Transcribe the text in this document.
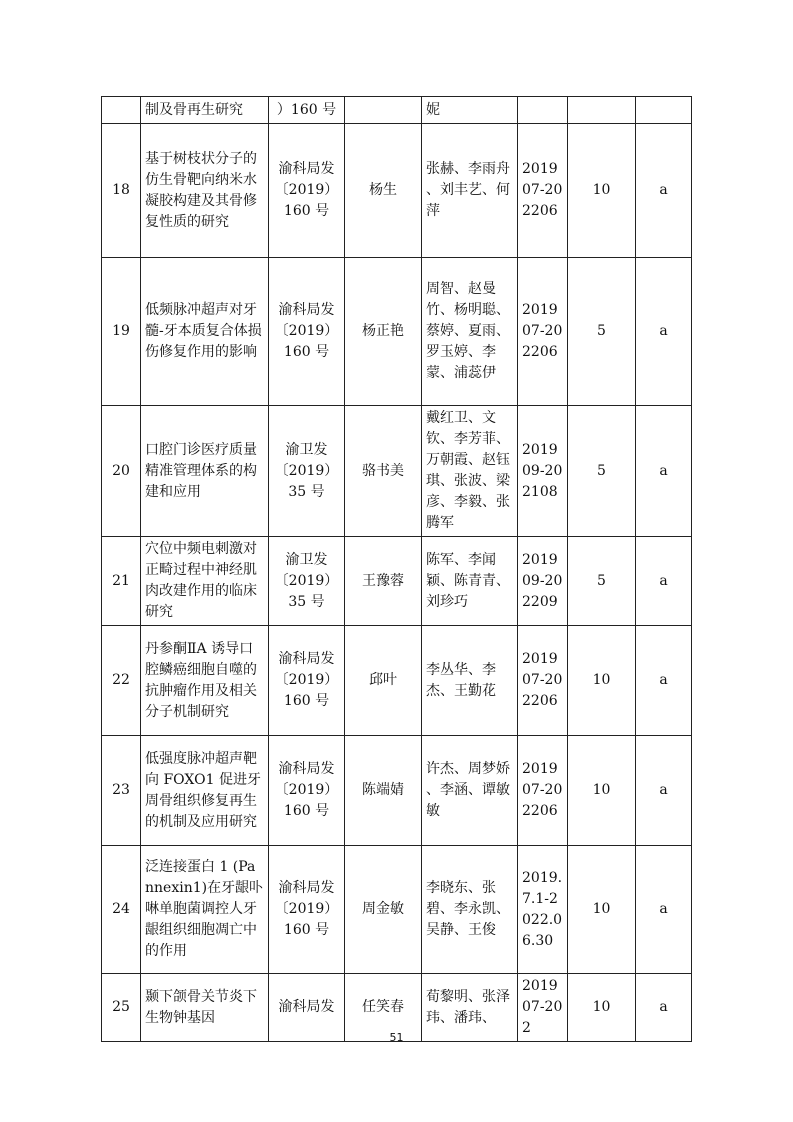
	制及骨再生研究	）160 号		妮			
18	基于树枝状分子的仿生骨靶向纳米水凝胶构建及其骨修复性质的研究	渝科局发〔2019）160 号	杨生	张赫、李雨舟 、刘丰艺、何萍	201907-202206	10	a
19	低频脉冲超声对牙髓-牙本质复合体损伤修复作用的影响	渝科局发〔2019）160 号	杨正艳	周智、赵曼竹、杨明聪、蔡婷、夏雨、罗玉婷、李蒙、浦蕊伊	201907-202206	5	a
20	口腔门诊医疗质量精准管理体系的构建和应用	渝卫发〔2019）35 号	骆书美	戴红卫、文钦、李芳菲、万朝霞、赵钰琪、张波、梁彦、李毅、张腾军	201909-202108	5	a
21	穴位中频电刺激对正畸过程中神经肌肉改建作用的临床研究	渝卫发〔2019）35 号	王豫蓉	陈军、李闻颖、陈青青、刘珍巧	201909-202209	5	a
22	丹参酮ⅡA 诱导口腔鳞癌细胞自噬的抗肿瘤作用及相关分子机制研究	渝科局发〔2019）160 号	邱叶	李丛华、李杰、王勤花	201907-202206	10	a
23	低强度脉冲超声靶向 FOXO1 促进牙周骨组织修复再生的机制及应用研究	渝科局发〔2019）160 号	陈端婧	许杰、周梦娇 、李涵、谭敏敏	201907-202206	10	a
24	泛连接蛋白 1 (Pannexin1)在牙龈卟啉单胞菌调控人牙龈组织细胞凋亡中的作用	渝科局发〔2019）160 号	周金敏	李晓东、张碧、李永凯、吴静、王俊	2019.7.1-2022.06.30	10	a
25	颞下颌骨关节炎下生物钟基因	渝科局发	任笑春	荀黎明、张泽玮、潘玮、	201907-202	10	a
51
